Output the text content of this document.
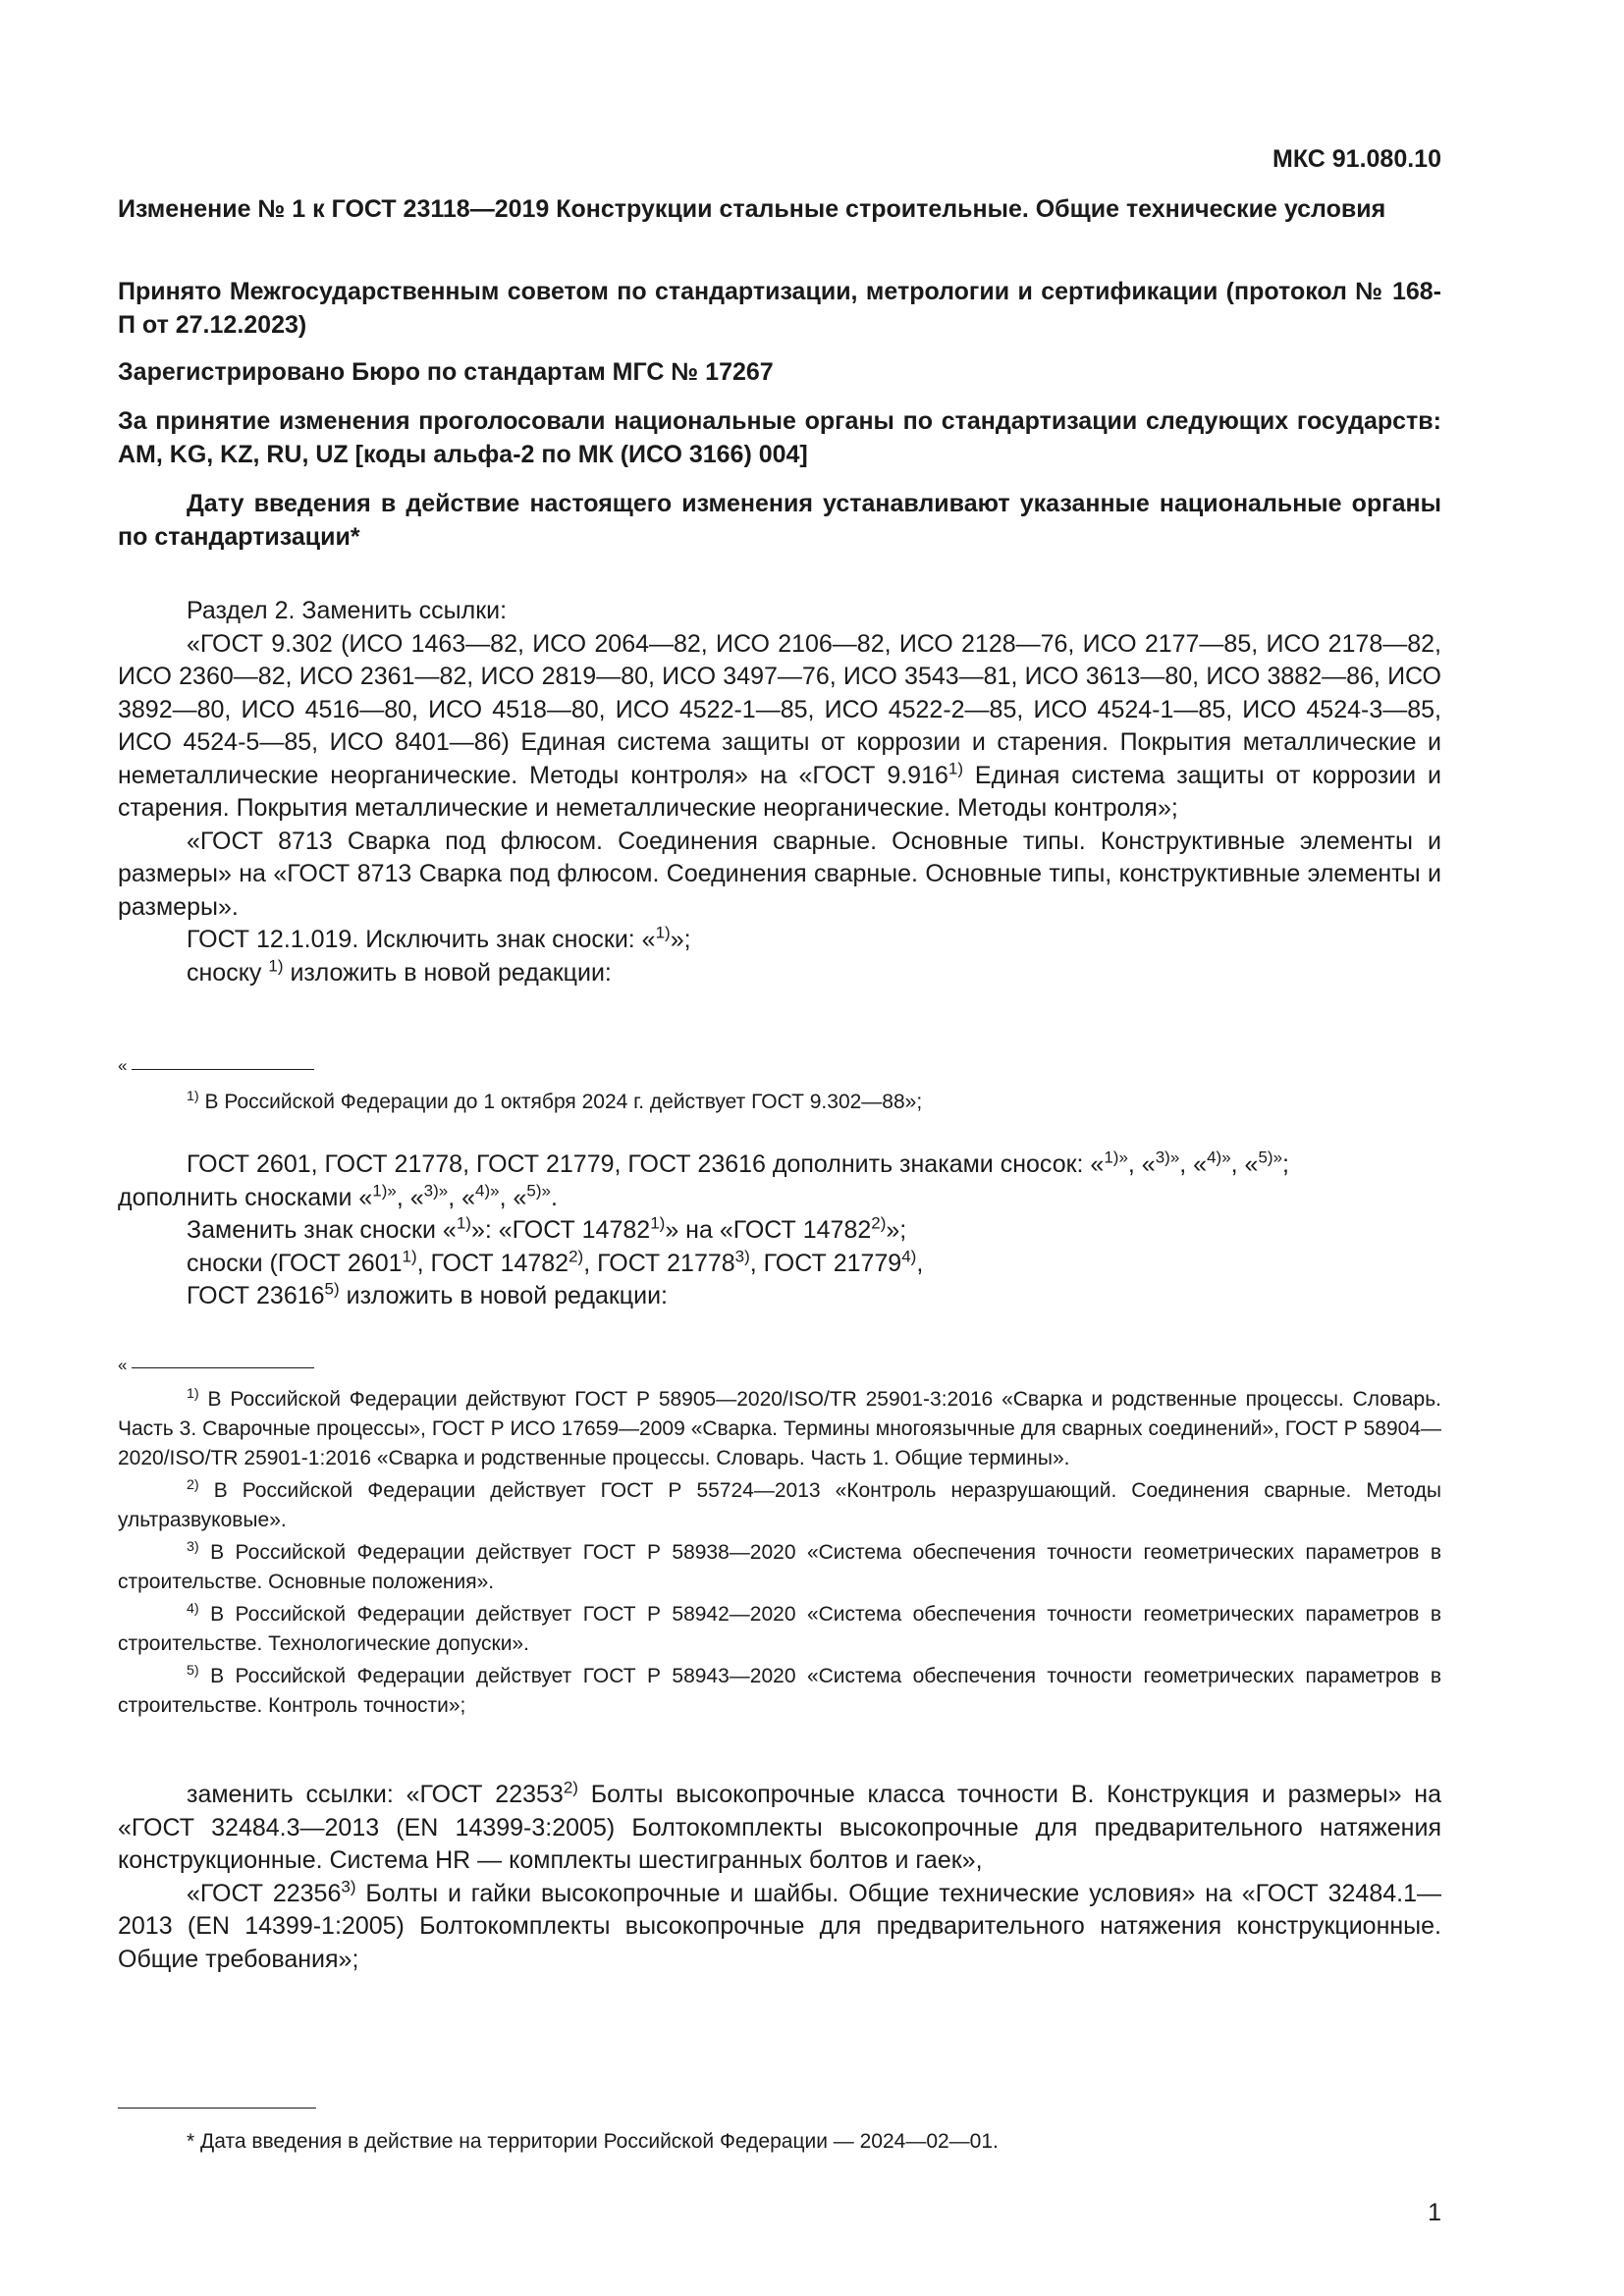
МКС 91.080.10
Изменение № 1 к ГОСТ 23118—2019 Конструкции стальные строительные. Общие технические условия
Принято Межгосударственным советом по стандартизации, метрологии и сертификации (протокол № 168-П от 27.12.2023)
Зарегистрировано Бюро по стандартам МГС № 17267
За принятие изменения проголосовали национальные органы по стандартизации следующих государств: AM, KG, KZ, RU, UZ [коды альфа-2 по МК (ИСО 3166) 004]
Дату введения в действие настоящего изменения устанавливают указанные национальные органы по стандартизации*

Раздел 2. Заменить ссылки:

«ГОСТ 9.302 (ИСО 1463—82, ИСО 2064—82, ИСО 2106—82, ИСО 2128—76, ИСО 2177—85, ИСО 2178—82, ИСО 2360—82, ИСО 2361—82, ИСО 2819—80, ИСО 3497—76, ИСО 3543—81, ИСО 3613—80, ИСО 3882—86, ИСО 3892—80, ИСО 4516—80, ИСО 4518—80, ИСО 4522-1—85, ИСО 4522-2—85, ИСО 4524-1—85, ИСО 4524-3—85, ИСО 4524-5—85, ИСО 8401—86) Единая система защиты от коррозии и старения. Покрытия металлические и неметаллические неорганические. Методы контроля» на «ГОСТ 9.916$^{1)}$ Единая система защиты от коррозии и старения. Покрытия металлические и неметаллические неорганические. Методы контроля»;

«ГОСТ 8713 Сварка под флюсом. Соединения сварные. Основные типы. Конструктивные элементы и размеры» на «ГОСТ 8713 Сварка под флюсом. Соединения сварные. Основные типы, конструктивные элементы и размеры».

ГОСТ 12.1.019. Исключить знак сноски: «$^{1)}$»;

сноску $^{1)}$ изложить в новой редакции:

«

$^{1)}$ В Российской Федерации до 1 октября 2024 г. действует ГОСТ 9.302—88»;

ГОСТ 2601, ГОСТ 21778, ГОСТ 21779, ГОСТ 23616 дополнить знаками сносок: «$^{1)»}$, «$^{3)»}$, «$^{4)»}$, «$^{5)»}$;
дополнить сносками «$^{1)»}$, «$^{3)»}$, «$^{4)»}$, «$^{5)»}$.

Заменить знак сноски «$^{1)}$»: «ГОСТ 14782$^{1)}$» на «ГОСТ 14782$^{2)}$»;

сноски (ГОСТ 2601$^{1)}$, ГОСТ 14782$^{2)}$, ГОСТ 21778$^{3)}$, ГОСТ 21779$^{4)}$,

ГОСТ 23616$^{5)}$ изложить в новой редакции:

«

$^{1)}$ В Российской Федерации действуют ГОСТ Р 58905—2020/ISO/TR 25901-3:2016 «Сварка и родственные процессы. Словарь. Часть 3. Сварочные процессы», ГОСТ Р ИСО 17659—2009 «Сварка. Термины многоязычные для сварных соединений», ГОСТ Р 58904—2020/ISO/TR 25901-1:2016 «Сварка и родственные процессы. Словарь. Часть 1. Общие термины».

$^{2)}$ В Российской Федерации действует ГОСТ Р 55724—2013 «Контроль неразрушающий. Соединения сварные. Методы ультразвуковые».

$^{3)}$ В Российской Федерации действует ГОСТ Р 58938—2020 «Система обеспечения точности геометрических параметров в строительстве. Основные положения».

$^{4)}$ В Российской Федерации действует ГОСТ Р 58942—2020 «Система обеспечения точности геометрических параметров в строительстве. Технологические допуски».

$^{5)}$ В Российской Федерации действует ГОСТ Р 58943—2020 «Система обеспечения точности геометрических параметров в строительстве. Контроль точности»;

заменить ссылки: «ГОСТ 22353$^{2)}$ Болты высокопрочные класса точности В. Конструкция и размеры» на «ГОСТ 32484.3—2013 (EN 14399-3:2005) Болтокомплекты высокопрочные для предварительного натяжения конструкционные. Система HR — комплекты шестигранных болтов и гаек»,

«ГОСТ 22356$^{3)}$ Болты и гайки высокопрочные и шайбы. Общие технические условия» на «ГОСТ 32484.1—2013 (EN 14399-1:2005) Болтокомплекты высокопрочные для предварительного натяжения конструкционные. Общие требования»;

* Дата введения в действие на территории Российской Федерации — 2024—02—01.
1
